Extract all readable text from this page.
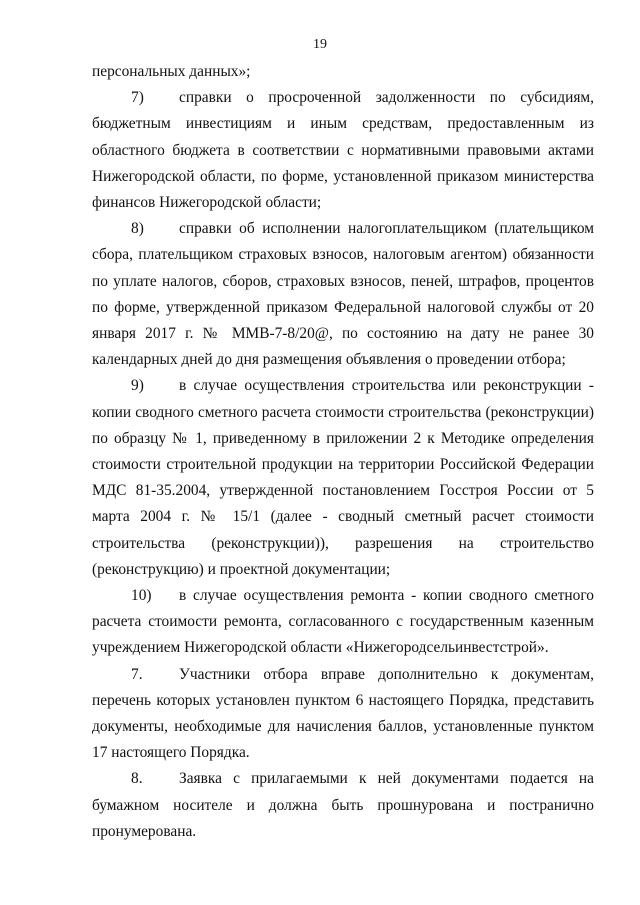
19

персональных данных»;

7) справки о просроченной задолженности по субсидиям, бюджетным инвестициям и иным средствам, предоставленным из областного бюджета в соответствии с нормативными правовыми актами Нижегородской области, по форме, установленной приказом министерства финансов Нижегородской области;

8) справки об исполнении налогоплательщиком (плательщиком сбора, плательщиком страховых взносов, налоговым агентом) обязанности по уплате налогов, сборов, страховых взносов, пеней, штрафов, процентов по форме, утвержденной приказом Федеральной налоговой службы от 20 января 2017 г. № ММВ-7-8/20@, по состоянию на дату не ранее 30 календарных дней до дня размещения объявления о проведении отбора;

9) в случае осуществления строительства или реконструкции - копии сводного сметного расчета стоимости строительства (реконструкции) по образцу № 1, приведенному в приложении 2 к Методике определения стоимости строительной продукции на территории Российской Федерации МДС 81-35.2004, утвержденной постановлением Госстроя России от 5 марта 2004 г. № 15/1 (далее - сводный сметный расчет стоимости строительства (реконструкции)), разрешения на строительство (реконструкцию) и проектной документации;

10) в случае осуществления ремонта - копии сводного сметного расчета стоимости ремонта, согласованного с государственным казенным учреждением Нижегородской области «Нижегородсельинвестстрой».

7. Участники отбора вправе дополнительно к документам, перечень которых установлен пунктом 6 настоящего Порядка, представить документы, необходимые для начисления баллов, установленные пунктом 17 настоящего Порядка.

8. Заявка с прилагаемыми к ней документами подается на бумажном носителе и должна быть прошнурована и постранично пронумерована.
